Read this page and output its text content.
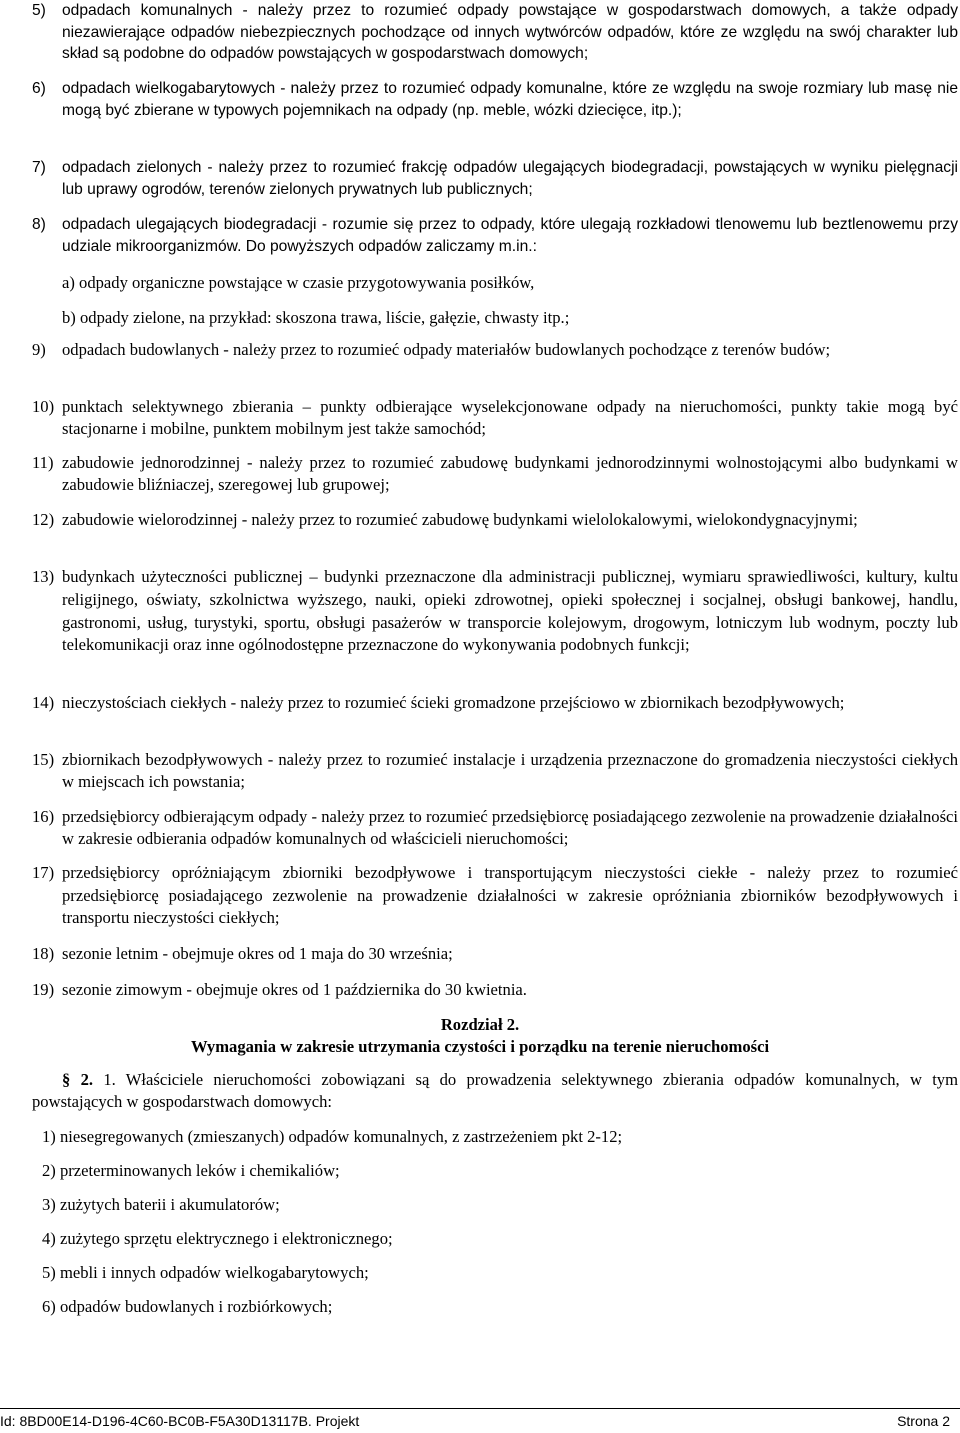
5) odpadach komunalnych - należy przez to rozumieć odpady powstające w gospodarstwach domowych, a także odpady niezawierające odpadów niebezpiecznych pochodzące od innych wytwórców odpadów, które ze względu na swój charakter lub skład są podobne do odpadów powstających w gospodarstwach domowych;
6) odpadach wielkogabarytowych - należy przez to rozumieć odpady komunalne, które ze względu na swoje rozmiary lub masę nie mogą być zbierane w typowych pojemnikach na odpady (np. meble, wózki dziecięce, itp.);
7) odpadach zielonych - należy przez to rozumieć frakcję odpadów ulegających biodegradacji, powstających w wyniku pielęgnacji lub uprawy ogrodów, terenów zielonych prywatnych lub publicznych;
8) odpadach ulegających biodegradacji - rozumie się przez to odpady, które ulegają rozkładowi tlenowemu lub beztlenowemu przy udziale mikroorganizmów. Do powyższych odpadów zaliczamy m.in.:
a) odpady organiczne powstające w czasie przygotowywania posiłków,
b) odpady zielone, na przykład: skoszona trawa, liście, gałęzie, chwasty itp.;
9) odpadach budowlanych - należy przez to rozumieć odpady materiałów budowlanych pochodzące z terenów budów;
10) punktach selektywnego zbierania – punkty odbierające wyselekcjonowane odpady na nieruchomości, punkty takie mogą być stacjonarne i mobilne, punktem mobilnym jest także samochód;
11) zabudowie jednorodzinnej - należy przez to rozumieć zabudowę budynkami jednorodzinnymi wolnostojącymi albo budynkami w zabudowie bliźniaczej, szeregowej lub grupowej;
12) zabudowie wielorodzinnej - należy przez to rozumieć zabudowę budynkami wielolokalowymi, wielokondygnacyjnymi;
13) budynkach użyteczności publicznej – budynki przeznaczone dla administracji publicznej, wymiaru sprawiedliwości, kultury, kultu religijnego, oświaty, szkolnictwa wyższego, nauki, opieki zdrowotnej, opieki społecznej i socjalnej, obsługi bankowej, handlu, gastronomi, usług, turystyki, sportu, obsługi pasażerów w transporcie kolejowym, drogowym, lotniczym lub wodnym, poczty lub telekomunikacji oraz inne ogólnodostępne przeznaczone do wykonywania podobnych funkcji;
14) nieczystościach ciekłych - należy przez to rozumieć ścieki gromadzone przejściowo w zbiornikach bezodpływowych;
15) zbiornikach bezodpływowych - należy przez to rozumieć instalacje i urządzenia przeznaczone do gromadzenia nieczystości ciekłych w miejscach ich powstania;
16) przedsiębiorcy odbierającym odpady - należy przez to rozumieć przedsiębiorcę posiadającego zezwolenie na prowadzenie działalności w zakresie odbierania odpadów komunalnych od właścicieli nieruchomości;
17) przedsiębiorcy opróżniającym zbiorniki bezodpływowe i transportującym nieczystości ciekłe - należy przez to rozumieć przedsiębiorcę posiadającego zezwolenie na prowadzenie działalności w zakresie opróżniania zbiorników bezodpływowych i transportu nieczystości ciekłych;
18) sezonie letnim - obejmuje okres od 1 maja do 30 września;
19) sezonie zimowym - obejmuje okres od 1 października do 30 kwietnia.
Rozdział 2.
Wymagania w zakresie utrzymania czystości i porządku na terenie nieruchomości
§ 2. 1. Właściciele nieruchomości zobowiązani są do prowadzenia selektywnego zbierania odpadów komunalnych, w tym powstających w gospodarstwach domowych:
1) niesegregowanych (zmieszanych) odpadów komunalnych, z zastrzeżeniem pkt 2-12;
2) przeterminowanych leków i chemikaliów;
3) zużytych baterii i akumulatorów;
4) zużytego sprzętu elektrycznego i elektronicznego;
5) mebli i innych odpadów wielkogabarytowych;
6) odpadów budowlanych i rozbiórkowych;
Id: 8BD00E14-D196-4C60-BC0B-F5A30D13117B. Projekt	Strona 2
